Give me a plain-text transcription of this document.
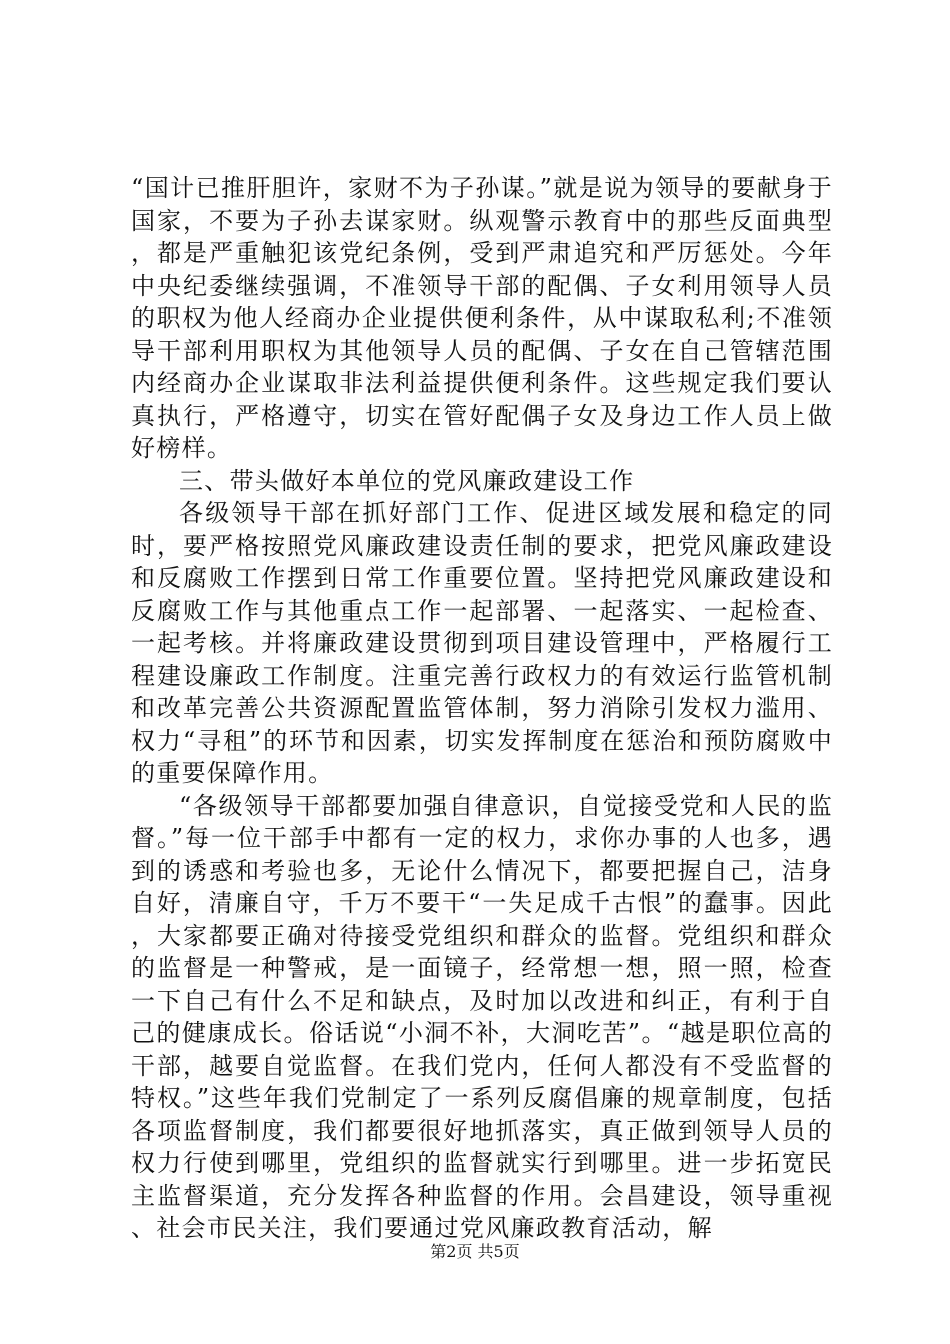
“国计已推肝胆许，家财不为子孙谋。”就是说为领导的要献身于国家，不要为子孙去谋家财。纵观警示教育中的那些反面典型，都是严重触犯该党纪条例，受到严肃追究和严厉惩处。今年中央纪委继续强调，不准领导干部的配偶、子女利用领导人员的职权为他人经商办企业提供便利条件，从中谋取私利;不准领导干部利用职权为其他领导人员的配偶、子女在自己管辖范围内经商办企业谋取非法利益提供便利条件。这些规定我们要认真执行，严格遵守，切实在管好配偶子女及身边工作人员上做好榜样。

三、带头做好本单位的党风廉政建设工作

各级领导干部在抓好部门工作、促进区域发展和稳定的同时，要严格按照党风廉政建设责任制的要求，把党风廉政建设和反腐败工作摆到日常工作重要位置。坚持把党风廉政建设和反腐败工作与其他重点工作一起部署、一起落实、一起检查、一起考核。并将廉政建设贯彻到项目建设管理中，严格履行工程建设廉政工作制度。注重完善行政权力的有效运行监管机制和改革完善公共资源配置监管体制，努力消除引发权力滥用、权力“寻租”的环节和因素，切实发挥制度在惩治和预防腐败中的重要保障作用。

“各级领导干部都要加强自律意识，自觉接受党和人民的监督。”每一位干部手中都有一定的权力，求你办事的人也多，遇到的诱惑和考验也多，无论什么情况下，都要把握自己，洁身自好，清廉自守，千万不要干“一失足成千古恨”的蠢事。因此，大家都要正确对待接受党组织和群众的监督。党组织和群众的监督是一种警戒，是一面镜子，经常想一想，照一照，检查一下自己有什么不足和缺点，及时加以改进和纠正，有利于自己的健康成长。俗话说“小洞不补，大洞吃苦”。“越是职位高的干部，越要自觉监督。在我们党内，任何人都没有不受监督的特权。”这些年我们党制定了一系列反腐倡廉的规章制度，包括各项监督制度，我们都要很好地抓落实，真正做到领导人员的权力行使到哪里，党组织的监督就实行到哪里。进一步拓宽民主监督渠道，充分发挥各种监督的作用。会昌建设，领导重视、社会市民关注，我们要通过党风廉政教育活动，解

第2页 共5页
